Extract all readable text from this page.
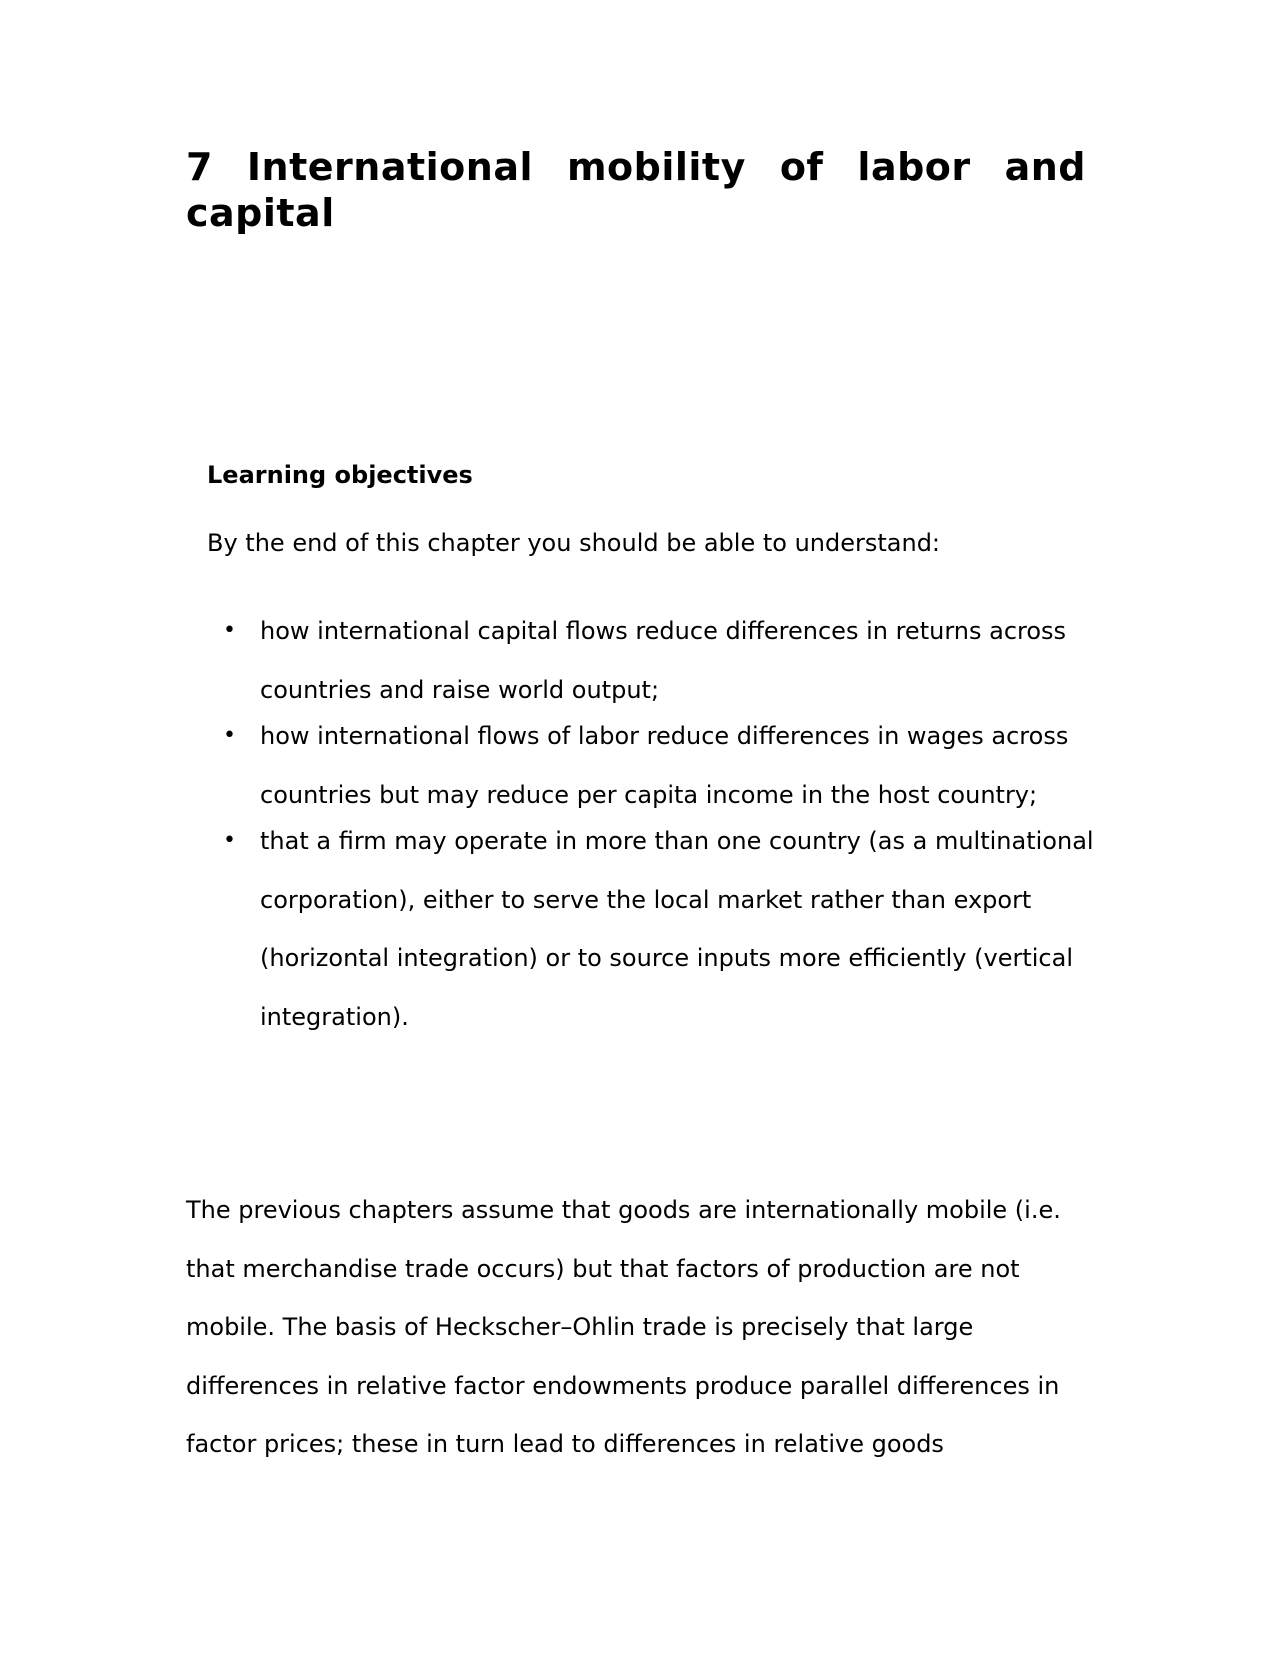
7 International mobility of labor and capital
Learning objectives

By the end of this chapter you should be able to understand:

• how international capital flows reduce differences in returns across countries and raise world output;
• how international flows of labor reduce differences in wages across countries but may reduce per capita income in the host country;
• that a firm may operate in more than one country (as a multinational corporation), either to serve the local market rather than export (horizontal integration) or to source inputs more efficiently (vertical integration).

The previous chapters assume that goods are internationally mobile (i.e. that merchandise trade occurs) but that factors of production are not mobile. The basis of Heckscher–Ohlin trade is precisely that large differences in relative factor endowments produce parallel differences in factor prices; these in turn lead to differences in relative goods
